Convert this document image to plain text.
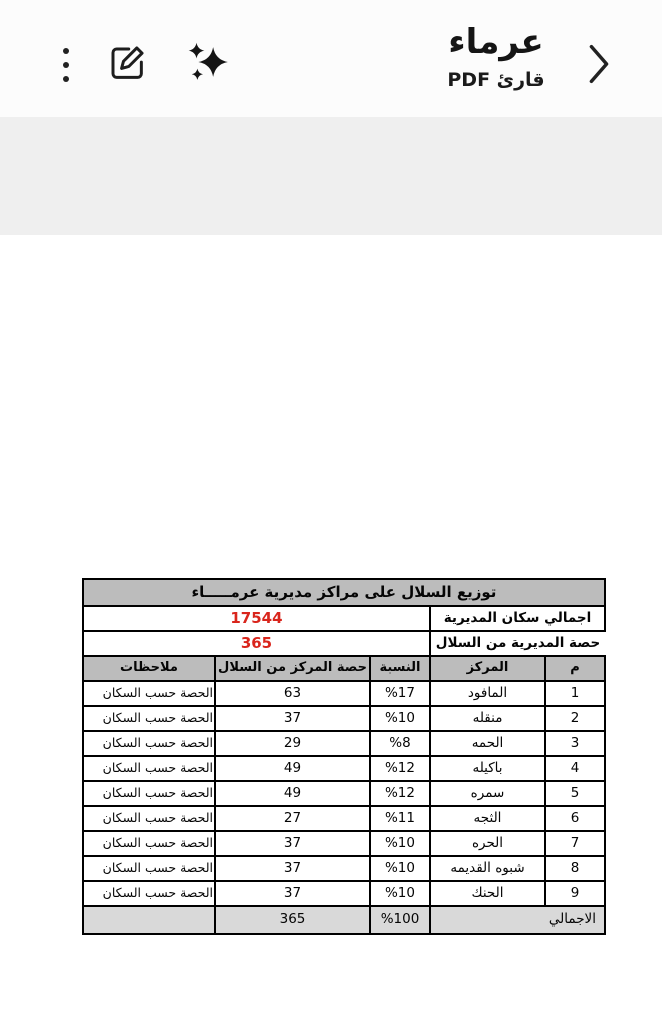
عرماء
قارئ PDF
توزيع السلال على مراكز مديرية عرمـــــاء				
اجمالي سكان المديرية		17544		
حصة المديرية من السلال		365		
م	المركز	النسبة	حصة المركز من السلال	ملاحظات
1	المافود	%17	63	الحصة حسب السكان
2	منقله	%10	37	الحصة حسب السكان
3	الحمه	%8	29	الحصة حسب السكان
4	باكيله	%12	49	الحصة حسب السكان
5	سمره	%12	49	الحصة حسب السكان
6	الثجه	%11	27	الحصة حسب السكان
7	الحره	%10	37	الحصة حسب السكان
8	شبوه القديمه	%10	37	الحصة حسب السكان
9	الحنك	%10	37	الحصة حسب السكان
الاجمالي		%100	365	
